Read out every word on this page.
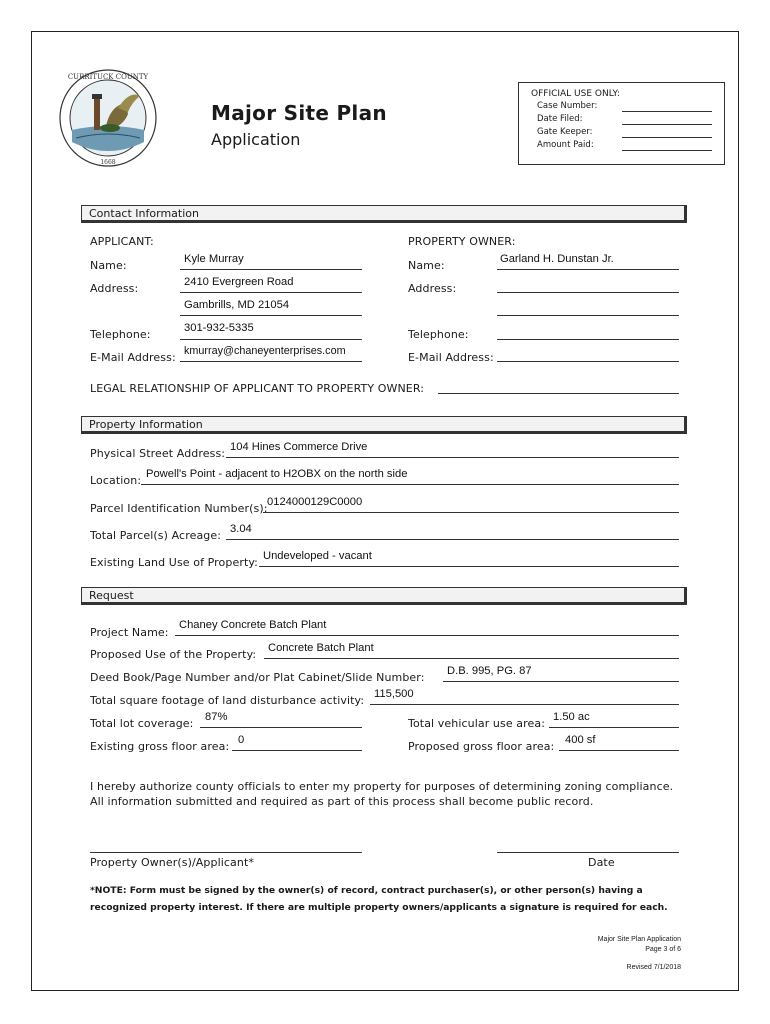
CURRITUCK COUNTY
1668
Major Site Plan
Application
OFFICIAL USE ONLY:
Case Number:
Date Filed:
Gate Keeper:
Amount Paid:
Contact Information
APPLICANT:	PROPERTY OWNER:
Name:	Kyle Murray	Name:	Garland H. Dunstan Jr.
Address:	2410 Evergreen Road
Gambrills, MD 21054
Address:
Telephone:	301-932-5335	Telephone:
E-Mail Address: kmurray@chaneyenterprises.com	E-Mail Address:
LEGAL RELATIONSHIP OF APPLICANT TO PROPERTY OWNER:
Property Information
Physical Street Address: 104 Hines Commerce Drive
Location: Powell's Point - adjacent to H2OBX on the north side
Parcel Identification Number(s): 0124000129C0000
Total Parcel(s) Acreage: 3.04
Existing Land Use of Property: Undeveloped - vacant
Request
Project Name:
Chaney Concrete Batch Plant
Proposed Use of the Property: Concrete Batch Plant
Deed Book/Page Number and/or Plat Cabinet/Slide Number: D.B. 995, PG. 87
Total square footage of land disturbance activity: 115,500
Total lot coverage: 87%	Total vehicular use area: 1.50 ac
Existing gross floor area: 0	Proposed gross floor area: 400 sf
I hereby authorize county officials to enter my property for purposes of determining zoning compliance.
All information submitted and required as part of this process shall become public record.
Property Owner(s)/Applicant*	Date
*NOTE: Form must be signed by the owner(s) of record, contract purchaser(s), or other person(s) having a
recognized property interest. If there are multiple property owners/applicants a signature is required for each.
Major Site Plan Application
Page 3 of 6
Revised 7/1/2018
